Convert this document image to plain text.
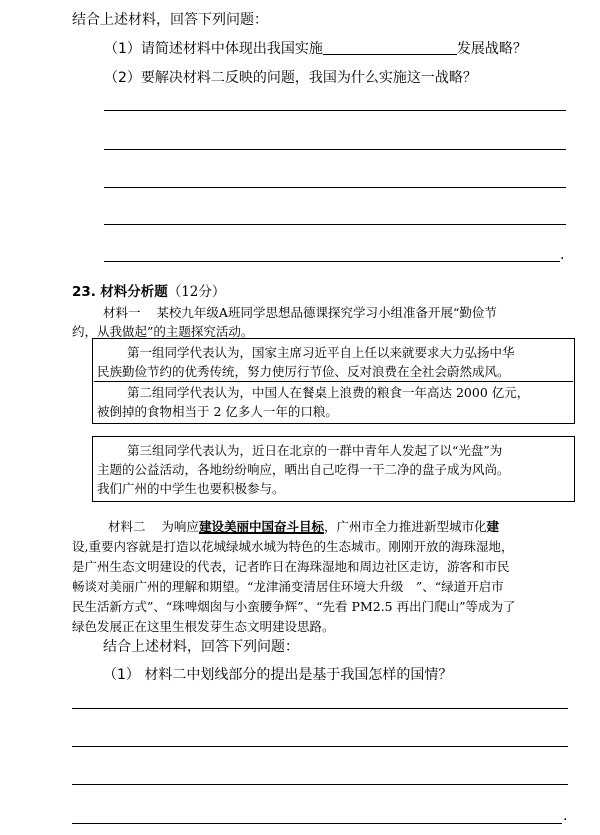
结合上述材料，回答下列问题：
（1）请简述材料中体现出我国实施	发展战略？
（2）要解决材料二反映的问题，我国为什么实施这一战略？
.
23. 材料分析题（12分）
材料一 某校九年级A班同学思想品德课探究学习小组准备开展“勤俭节
约，从我做起”的主题探究活动。
第一组同学代表认为，国家主席习近平自上任以来就要求大力弘扬中华
民族勤俭节约的优秀传统，努力使厉行节俭、反对浪费在全社会蔚然成风。
第二组同学代表认为，中国人在餐桌上浪费的粮食一年高达 2000 亿元，
被倒掉的食物相当于 2 亿多人一年的口粮。
第三组同学代表认为，近日在北京的一群中青年人发起了以“光盘”为
主题的公益活动，各地纷纷响应，晒出自己吃得一干二净的盘子成为风尚。
我们广州的中学生也要积极参与。
材料二 为响应建设美丽中国奋斗目标，广州市全力推进新型城市化建
设,重要内容就是打造以花城绿城水城为特色的生态城市。刚刚开放的海珠湿地，
是广州生态文明建设的代表，记者昨日在海珠湿地和周边社区走访，游客和市民
畅谈对美丽广州的理解和期望。“龙津涌变清居住环境大升级　”、“绿道开启市
民生活新方式”、“珠啤烟囱与小蛮腰争辉”、“先看 PM2.5 再出门爬山”等成为了
绿色发展正在这里生根发芽生态文明建设思路。
结合上述材料，回答下列问题：
（1） 材料二中划线部分的提出是基于我国怎样的国情？
.
